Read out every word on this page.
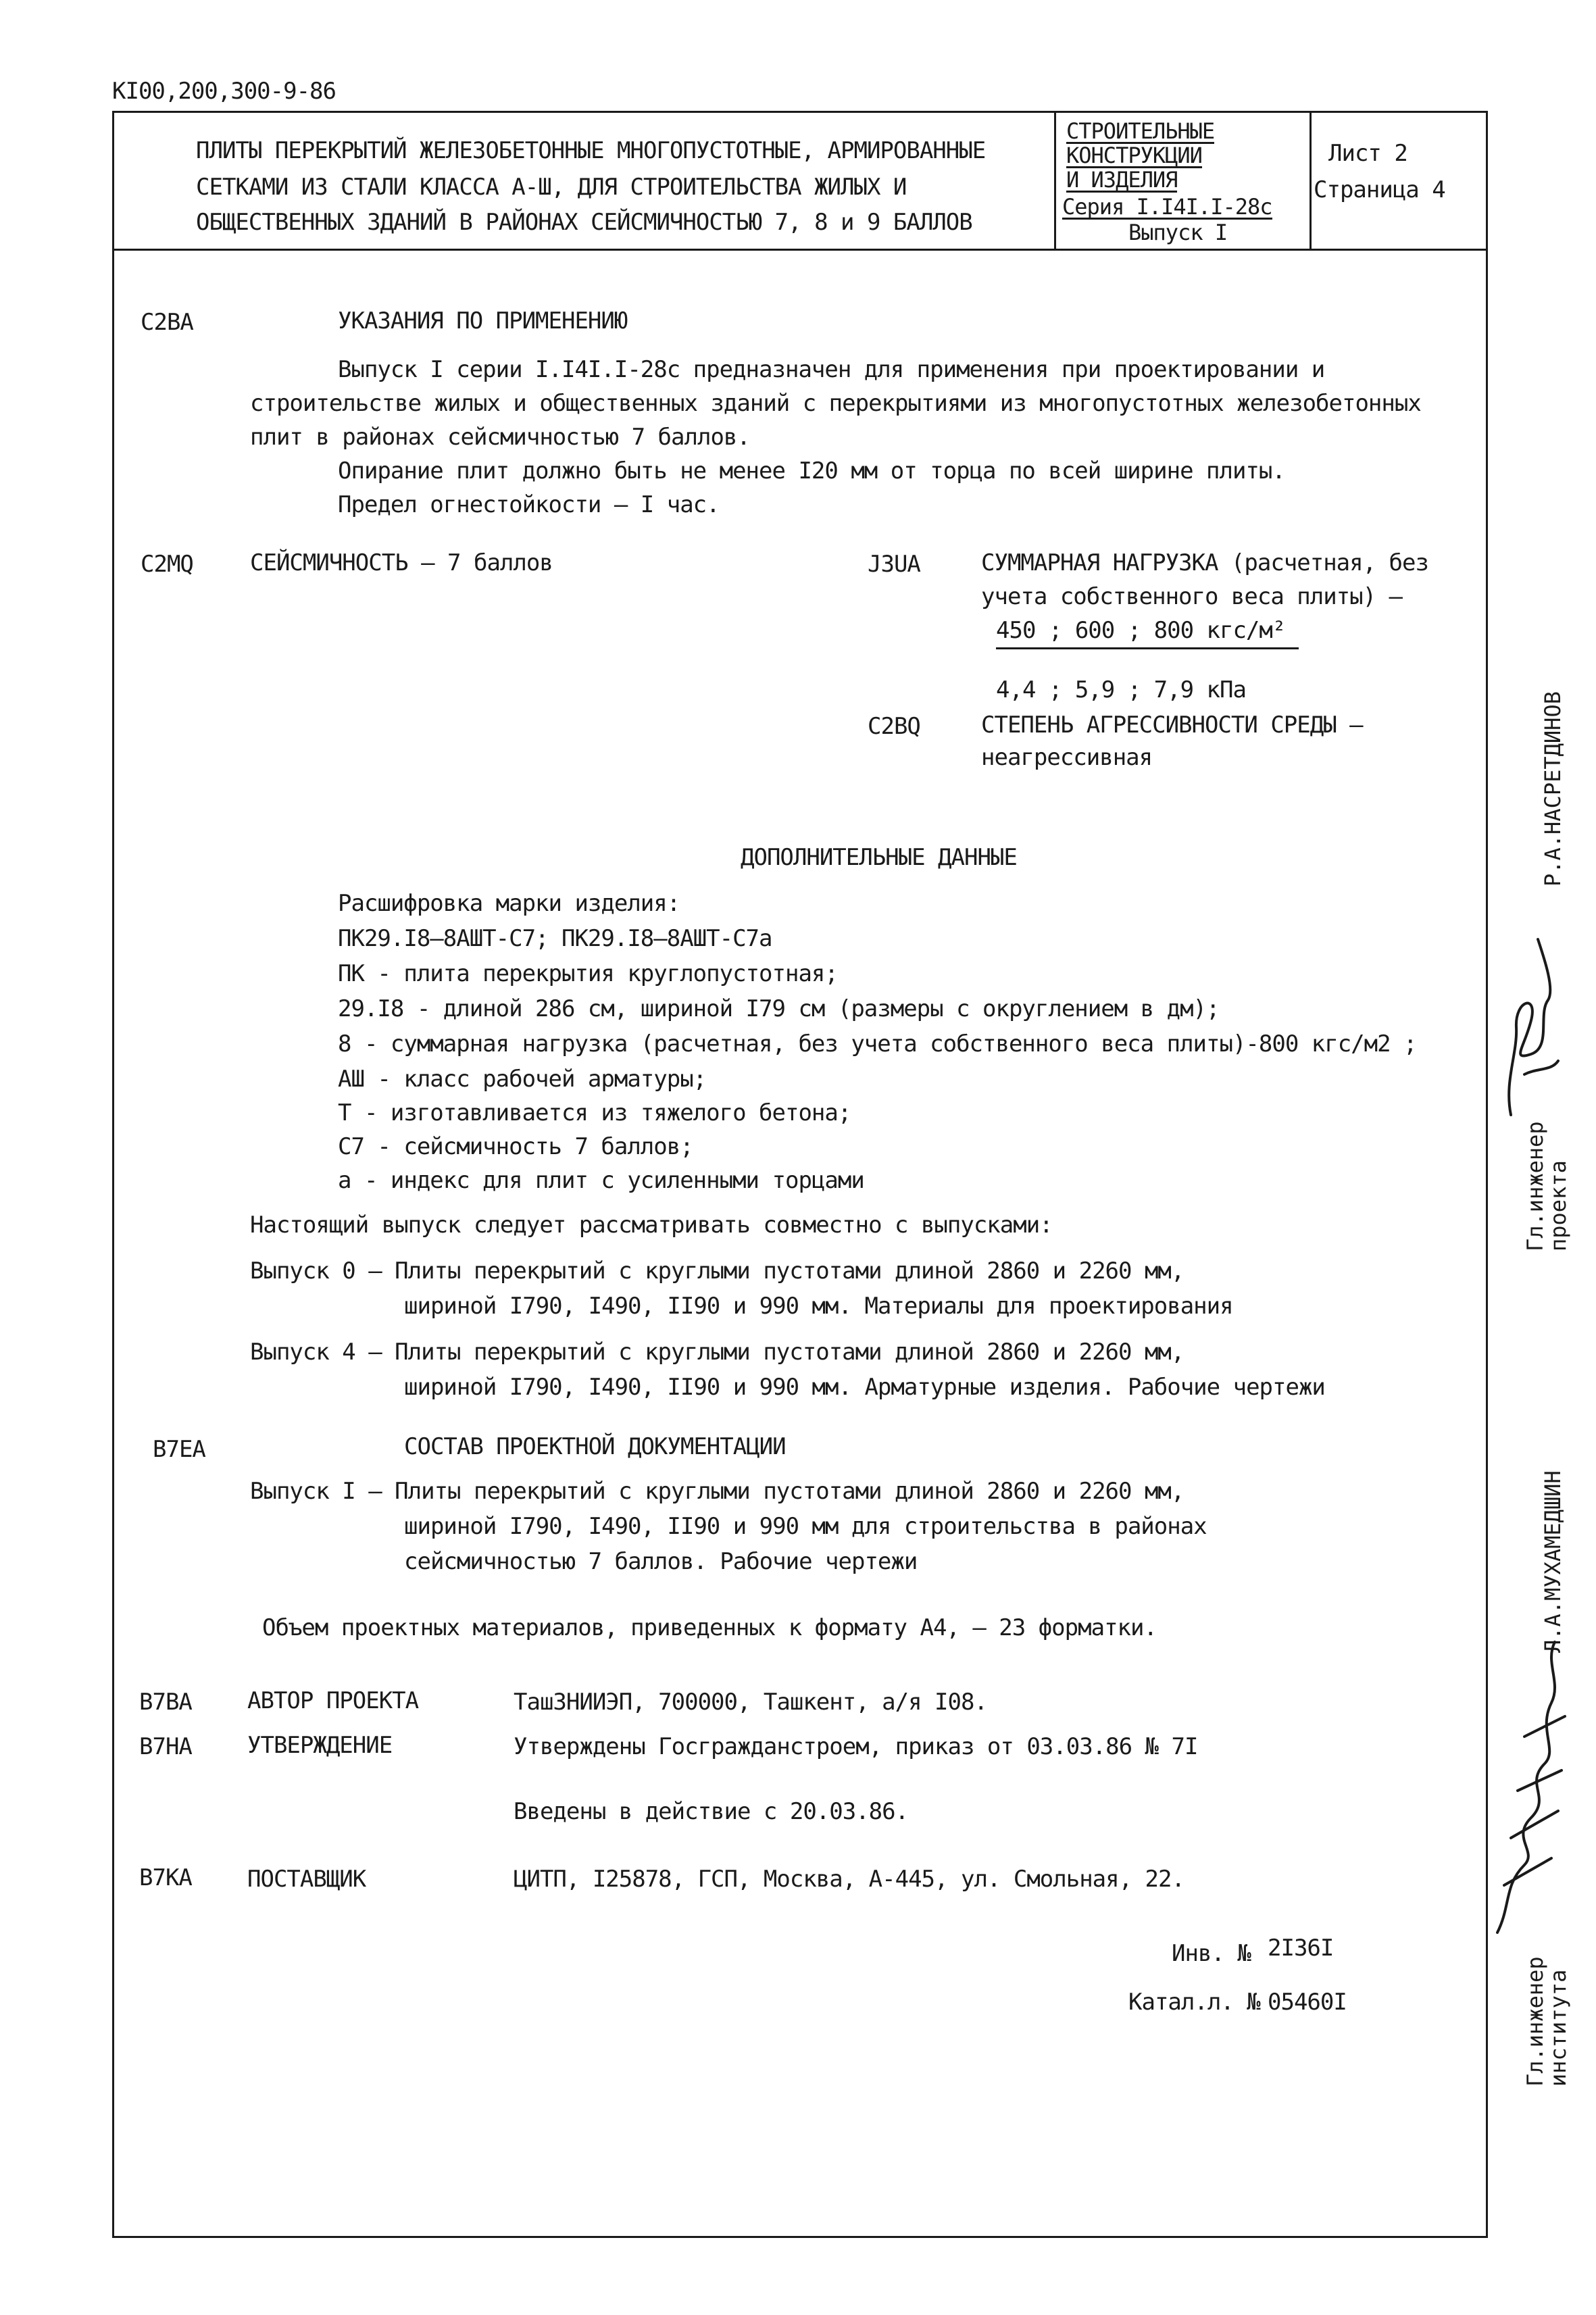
КI00,200,300-9-86
ПЛИТЫ ПЕРЕКРЫТИЙ ЖЕЛЕЗОБЕТОННЫЕ МНОГОПУСТОТНЫЕ, АРМИРОВАННЫЕ
СЕТКАМИ ИЗ СТАЛИ КЛАССА А-Ш, ДЛЯ СТРОИТЕЛЬСТВА ЖИЛЫХ И
ОБЩЕСТВЕННЫХ ЗДАНИЙ В РАЙОНАХ СЕЙСМИЧНОСТЬЮ 7, 8 и 9 БАЛЛОВ
СТРОИТЕЛЬНЫЕ
КОНСТРУКЦИИ
И ИЗДЕЛИЯ
Серия I.I4I.I-28с
Выпуск I
Лист 2
Страница 4
С2ВА	УКАЗАНИЯ ПО ПРИМЕНЕНИЮ
Выпуск I серии I.I4I.I-28с предназначен для применения при проектировании и
строительстве жилых и общественных зданий с перекрытиями из многопустотных железобетонных
плит в районах сейсмичностью 7 баллов.
Опирание плит должно быть не менее I20 мм от торца по всей ширине плиты.
Предел огнестойкости – I час.
С2МQ СЕЙСМИЧНОСТЬ – 7 баллов	J3UA	СУММАРНАЯ НАГРУЗКА (расчетная, без
учета собственного веса плиты) –
450 ; 600 ; 800 кгс/м²
4,4 ; 5,9 ; 7,9 кПа
С2ВQ	СТЕПЕНЬ АГРЕССИВНОСТИ СРЕДЫ –
неагрессивная
ДОПОЛНИТЕЛЬНЫЕ ДАННЫЕ
Расшифровка марки изделия:
ПК29.I8–8АШТ-С7; ПК29.I8–8АШТ-С7а
ПК - плита перекрытия круглопустотная;
29.I8 - длиной 286 см, шириной I79 см (размеры с округлением в дм);
8 - суммарная нагрузка (расчетная, без учета собственного веса плиты)-800 кгс/м2 ;
АШ - класс рабочей арматуры;
Т - изготавливается из тяжелого бетона;
С7 - сейсмичность 7 баллов;
а - индекс для плит с усиленными торцами
Настоящий выпуск следует рассматривать совместно с выпусками:
Выпуск 0 – Плиты перекрытий с круглыми пустотами длиной 2860 и 2260 мм,
шириной I790, I490, II90 и 990 мм. Материалы для проектирования
Выпуск 4 – Плиты перекрытий с круглыми пустотами длиной 2860 и 2260 мм,
шириной I790, I490, II90 и 990 мм. Арматурные изделия. Рабочие чертежи
В7ЕА	СОСТАВ ПРОЕКТНОЙ ДОКУМЕНТАЦИИ
Выпуск I – Плиты перекрытий с круглыми пустотами длиной 2860 и 2260 мм,
шириной I790, I490, II90 и 990 мм для строительства в районах
сейсмичностью 7 баллов. Рабочие чертежи
Объем проектных материалов, приведенных к формату А4, – 23 форматки.
В7ВА АВТОР ПРОЕКТА	ТашЗНИИЭП, 700000, Ташкент, а/я I08.
В7НА УТВЕРЖДЕНИЕ	Утверждены Госгражданстроем, приказ от 03.03.86 № 7I
Введены в действие с 20.03.86.
В7КА ПОСТАВЩИК	ЦИТП, I25878, ГСП, Москва, А-445, ул. Смольная, 22.
Инв. № 2I36I
Катал.л. № 05460I
Р.А.НАСРЕТДИНОВ
Гл.инженер
проекта
Л.А.МУХАМЕДШИН
Гл.инженер
института
